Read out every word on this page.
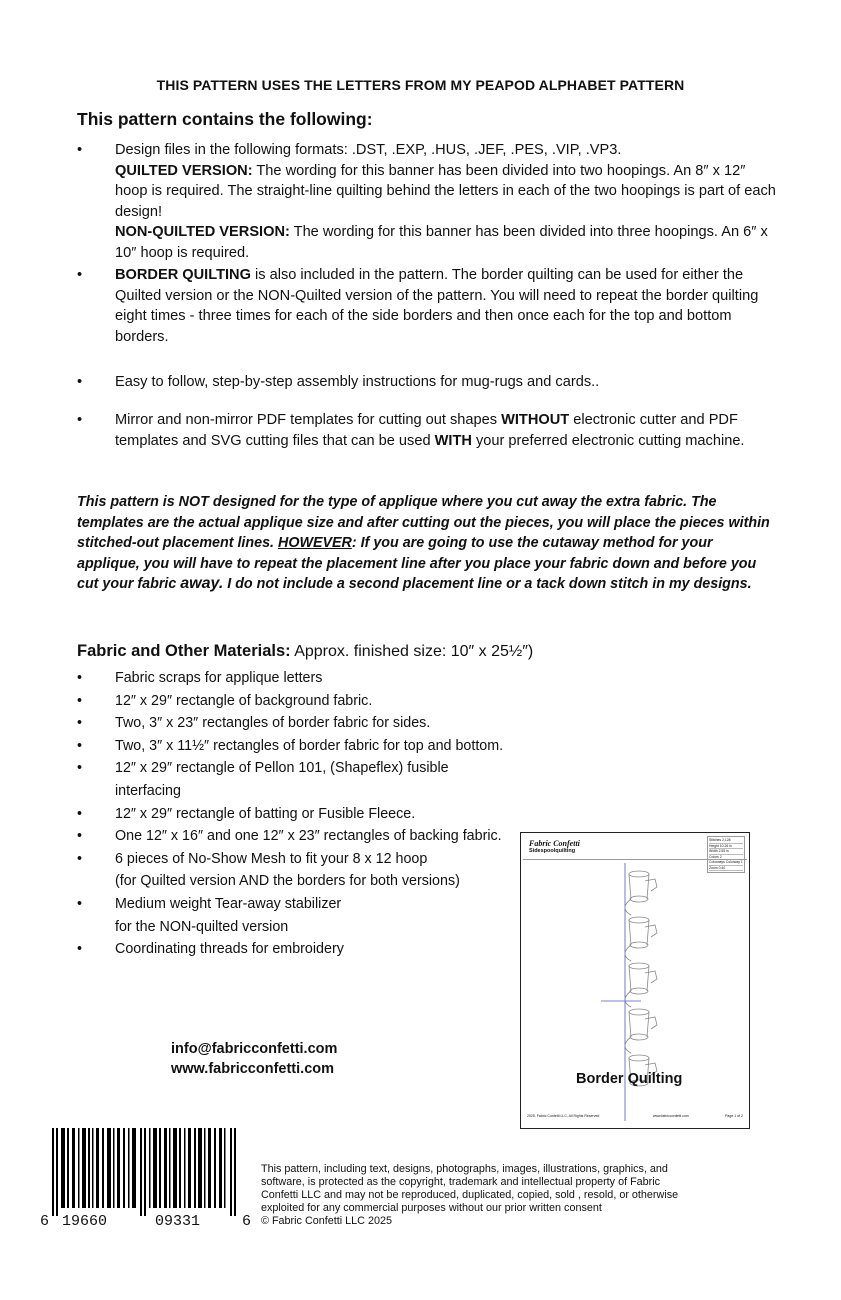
THIS PATTERN USES THE LETTERS FROM MY PEAPOD ALPHABET PATTERN
This pattern contains the following:
• Design files in the following formats: .DST, .EXP, .HUS, .JEF, .PES, .VIP, .VP3.
QUILTED VERSION: The wording for this banner has been divided into two hoopings. An 8″ x 12″ hoop is required. The straight-line quilting behind the letters in each of the two hoopings is part of each design!
NON-QUILTED VERSION: The wording for this banner has been divided into three hoopings. An 6″ x 10″ hoop is required.
• BORDER QUILTING is also included in the pattern. The border quilting can be used for either the Quilted version or the NON-Quilted version of the pattern. You will need to repeat the border quilting eight times - three times for each of the side borders and then once each for the top and bottom borders.
• Easy to follow, step-by-step assembly instructions for mug-rugs and cards..
• Mirror and non-mirror PDF templates for cutting out shapes WITHOUT electronic cutter and PDF templates and SVG cutting files that can be used WITH your preferred electronic cutting machine.
This pattern is NOT designed for the type of applique where you cut away the extra fabric. The templates are the actual applique size and after cutting out the pieces, you will place the pieces within stitched-out placement lines. HOWEVER: If you are going to use the cutaway method for your applique, you will have to repeat the placement line after you place your fabric down and before you cut your fabric away. I do not include a second placement line or a tack down stitch in my designs.
Fabric and Other Materials: Approx. finished size: 10″ x 25½″)
• Fabric scraps for applique letters
• 12″ x 29″ rectangle of background fabric.
• Two, 3″ x 23″ rectangles of border fabric for sides.
• Two, 3″ x 11½″ rectangles of border fabric for top and bottom.
• 12″ x 29″ rectangle of Pellon 101, (Shapeflex) fusible interfacing
• 12″ x 29″ rectangle of batting or Fusible Fleece.
• One 12″ x 16″ and one 12″ x 23″ rectangles of backing fabric.
• 6 pieces of No-Show Mesh to fit your 8 x 12 hoop
(for Quilted version AND the borders for both versions)
• Medium weight Tear-away stabilizer
for the NON-quilted version
• Coordinating threads for embroidery
info@fabricconfetti.com
www.fabricconfetti.com
Fabric Confetti
Sidespoolquilting
Stitches 2,128
Height 10.26 in
Width 2.55 in
Colors 2
Colorways Colorway 1
Zoom 0.40
Border Quilting
2025, Fabric Confetti LLC, All Rights Reserved	www.fabricconfetti.com	Page 1 of 2
6 19660	09331	6
This pattern, including text, designs, photographs, images, illustrations, graphics, and
software, is protected as the copyright, trademark and intellectual property of Fabric
Confetti LLC and may not be reproduced, duplicated, copied, sold , resold, or otherwise
exploited for any commercial purposes without our prior written consent
© Fabric Confetti LLC 2025
